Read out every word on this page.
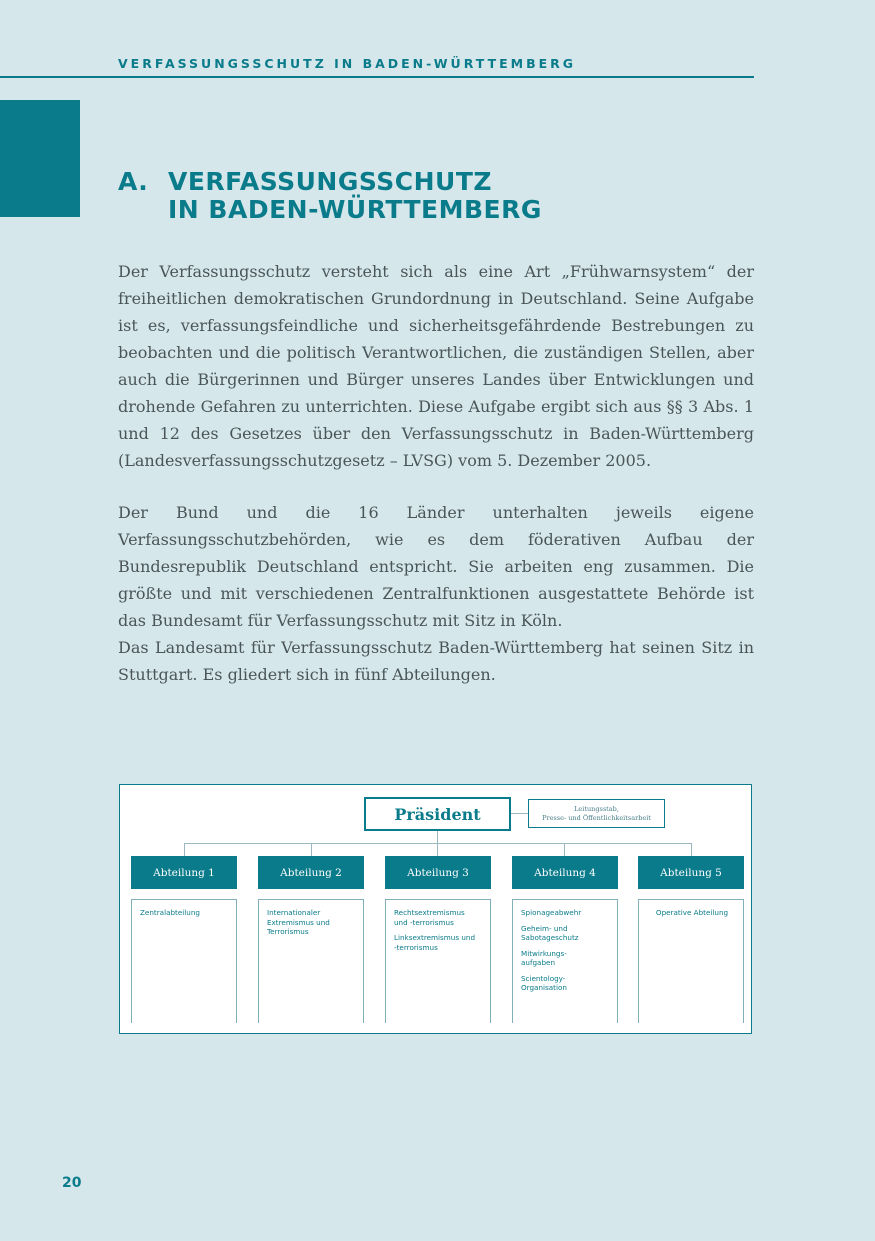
VERFASSUNGSSCHUTZ IN BADEN-WÜRTTEMBERG
A. VERFASSUNGSSCHUTZ
IN BADEN-WÜRTTEMBERG

Der Verfassungsschutz versteht sich als eine Art „Frühwarnsystem“ der freiheitlichen demokratischen Grundordnung in Deutschland. Seine Aufgabe ist es, verfassungsfeindliche und sicherheitsgefährdende Bestrebungen zu beobachten und die politisch Verantwortlichen, die zuständigen Stellen, aber auch die Bürgerinnen und Bürger unseres Landes über Entwicklungen und drohende Gefahren zu unterrichten. Diese Aufgabe ergibt sich aus §§ 3 Abs. 1 und 12 des Gesetzes über den Verfassungsschutz in Baden-Württemberg (Landesverfassungsschutzgesetz – LVSG) vom 5. Dezember 2005.

Der Bund und die 16 Länder unterhalten jeweils eigene Verfassungsschutzbehörden, wie es dem föderativen Aufbau der Bundesrepublik Deutschland entspricht. Sie arbeiten eng zusammen. Die größte und mit verschiedenen Zentralfunktionen ausgestattete Behörde ist das Bundesamt für Verfassungsschutz mit Sitz in Köln.

Das Landesamt für Verfassungsschutz Baden-Württemberg hat seinen Sitz in Stuttgart. Es gliedert sich in fünf Abteilungen.

Präsident	Leitungsstab,
Presse- und Öffentlichkeitsarbeit
Abteilung 1
Zentralabteilung
Abteilung 2
Internationaler Extremismus und Terrorismus
Abteilung 3
Rechtsextremismus und -terrorismus
Linksextremismus und -terrorismus
Abteilung 4
Spionageabwehr
Geheim- und Sabotageschutz
Mitwirkungs- aufgaben
Scientology- Organisation
Abteilung 5
Operative Abteilung
20
